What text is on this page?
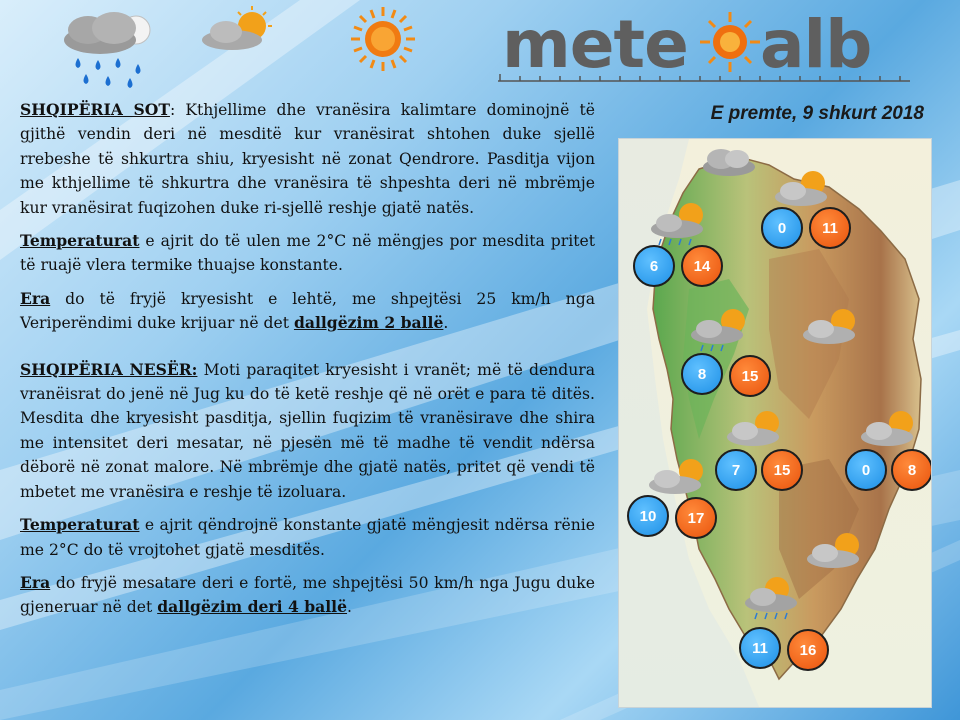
mete alb
E premte, 9 shkurt 2018

SHQIPËRIA SOT: Kthjellime dhe vranësira kalimtare dominojnë të gjithë vendin deri në mesditë kur vranësirat shtohen duke sjellë rrebeshe të shkurtra shiu, kryesisht në zonat Qendrore. Pasditja vijon me kthjellime të shkurtra dhe vranësira të shpeshta deri në mbrëmje kur vranësirat fuqizohen duke ri-sjellë reshje gjatë natës.

Temperaturat e ajrit do të ulen me 2°C në mëngjes por mesdita pritet të ruajë vlera termike thuajse konstante.

Era do të fryjë kryesisht e lehtë, me shpejtësi 25 km/h nga Veriperëndimi duke krijuar në det dallgëzim 2 ballë.

SHQIPËRIA NESËR: Moti paraqitet kryesisht i vranët; më të dendura vranëisrat do jenë në Jug ku do të ketë reshje që në orët e para të ditës. Mesdita dhe kryesisht pasditja, sjellin fuqizim të vranësirave dhe shira me intensitet deri mesatar, në pjesën më të madhe të vendit ndërsa dëborë në zonat malore. Në mbrëmje dhe gjatë natës, pritet që vendi të mbetet me vranësira e reshje të izoluara.

Temperaturat e ajrit qëndrojnë konstante gjatë mëngjesit ndërsa rënie me 2°C do të vrojtohet gjatë mesditës.

Era do fryjë mesatare deri e fortë, me shpejtësi 50 km/h nga Jugu duke gjeneruar në det dallgëzim deri 4 ballë.

0	11
6	14
8	15
7	15	0	8
10	17
11	16
